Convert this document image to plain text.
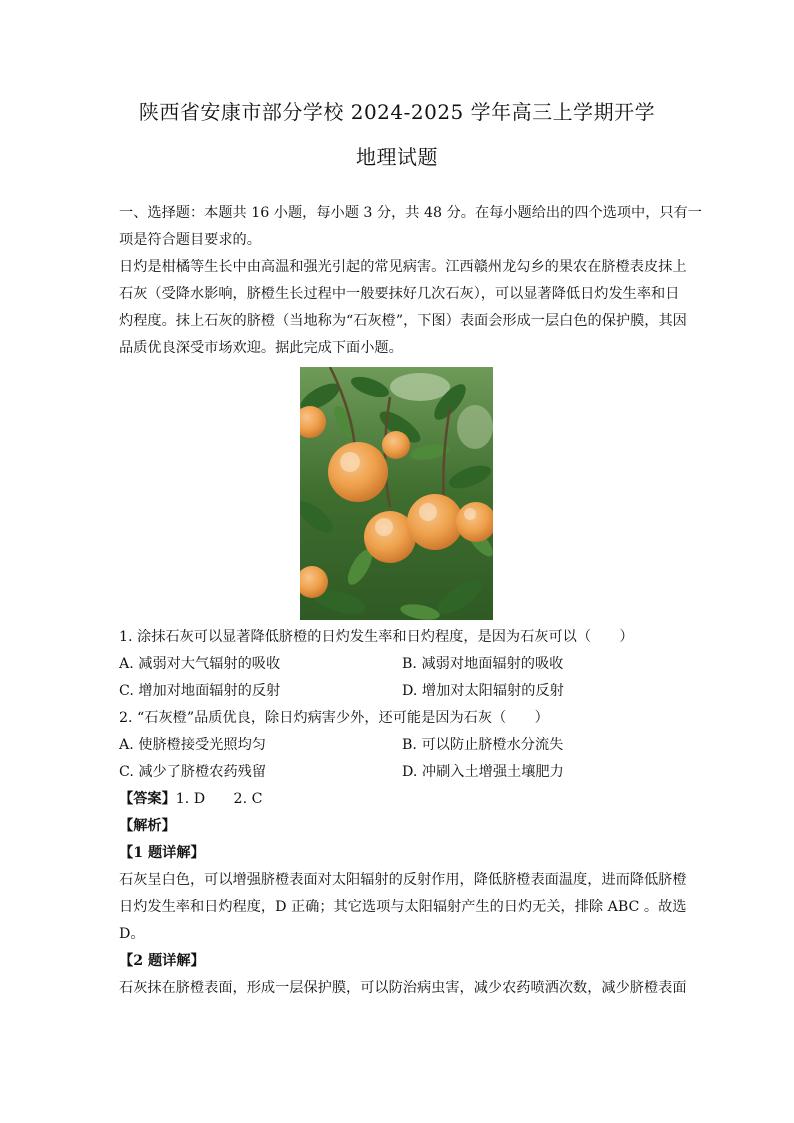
陕西省安康市部分学校 2024-2025 学年高三上学期开学
地理试题
一、选择题：本题共 16 小题，每小题 3 分，共 48 分。在每小题给出的四个选项中，只有一
项是符合题目要求的。
日灼是柑橘等生长中由高温和强光引起的常见病害。江西赣州龙勾乡的果农在脐橙表皮抹上
石灰（受降水影响，脐橙生长过程中一般要抹好几次石灰），可以显著降低日灼发生率和日
灼程度。抹上石灰的脐橙（当地称为“石灰橙”，下图）表面会形成一层白色的保护膜，其因
品质优良深受市场欢迎。据此完成下面小题。
1. 涂抹石灰可以显著降低脐橙的日灼发生率和日灼程度，是因为石灰可以（　　）
A. 减弱对大气辐射的吸收	B. 减弱对地面辐射的吸收
C. 增加对地面辐射的反射	D. 增加对太阳辐射的反射
2. “石灰橙”品质优良，除日灼病害少外，还可能是因为石灰（　　）
A. 使脐橙接受光照均匀	B. 可以防止脐橙水分流失
C. 减少了脐橙农药残留	D. 冲刷入土增强土壤肥力
【答案】1. D　　2. C
【解析】
【1 题详解】
石灰呈白色，可以增强脐橙表面对太阳辐射的反射作用，降低脐橙表面温度，进而降低脐橙
日灼发生率和日灼程度，D 正确；其它选项与太阳辐射产生的日灼无关，排除 ABC 。故选
D。
【2 题详解】
石灰抹在脐橙表面，形成一层保护膜，可以防治病虫害，减少农药喷洒次数，减少脐橙表面
